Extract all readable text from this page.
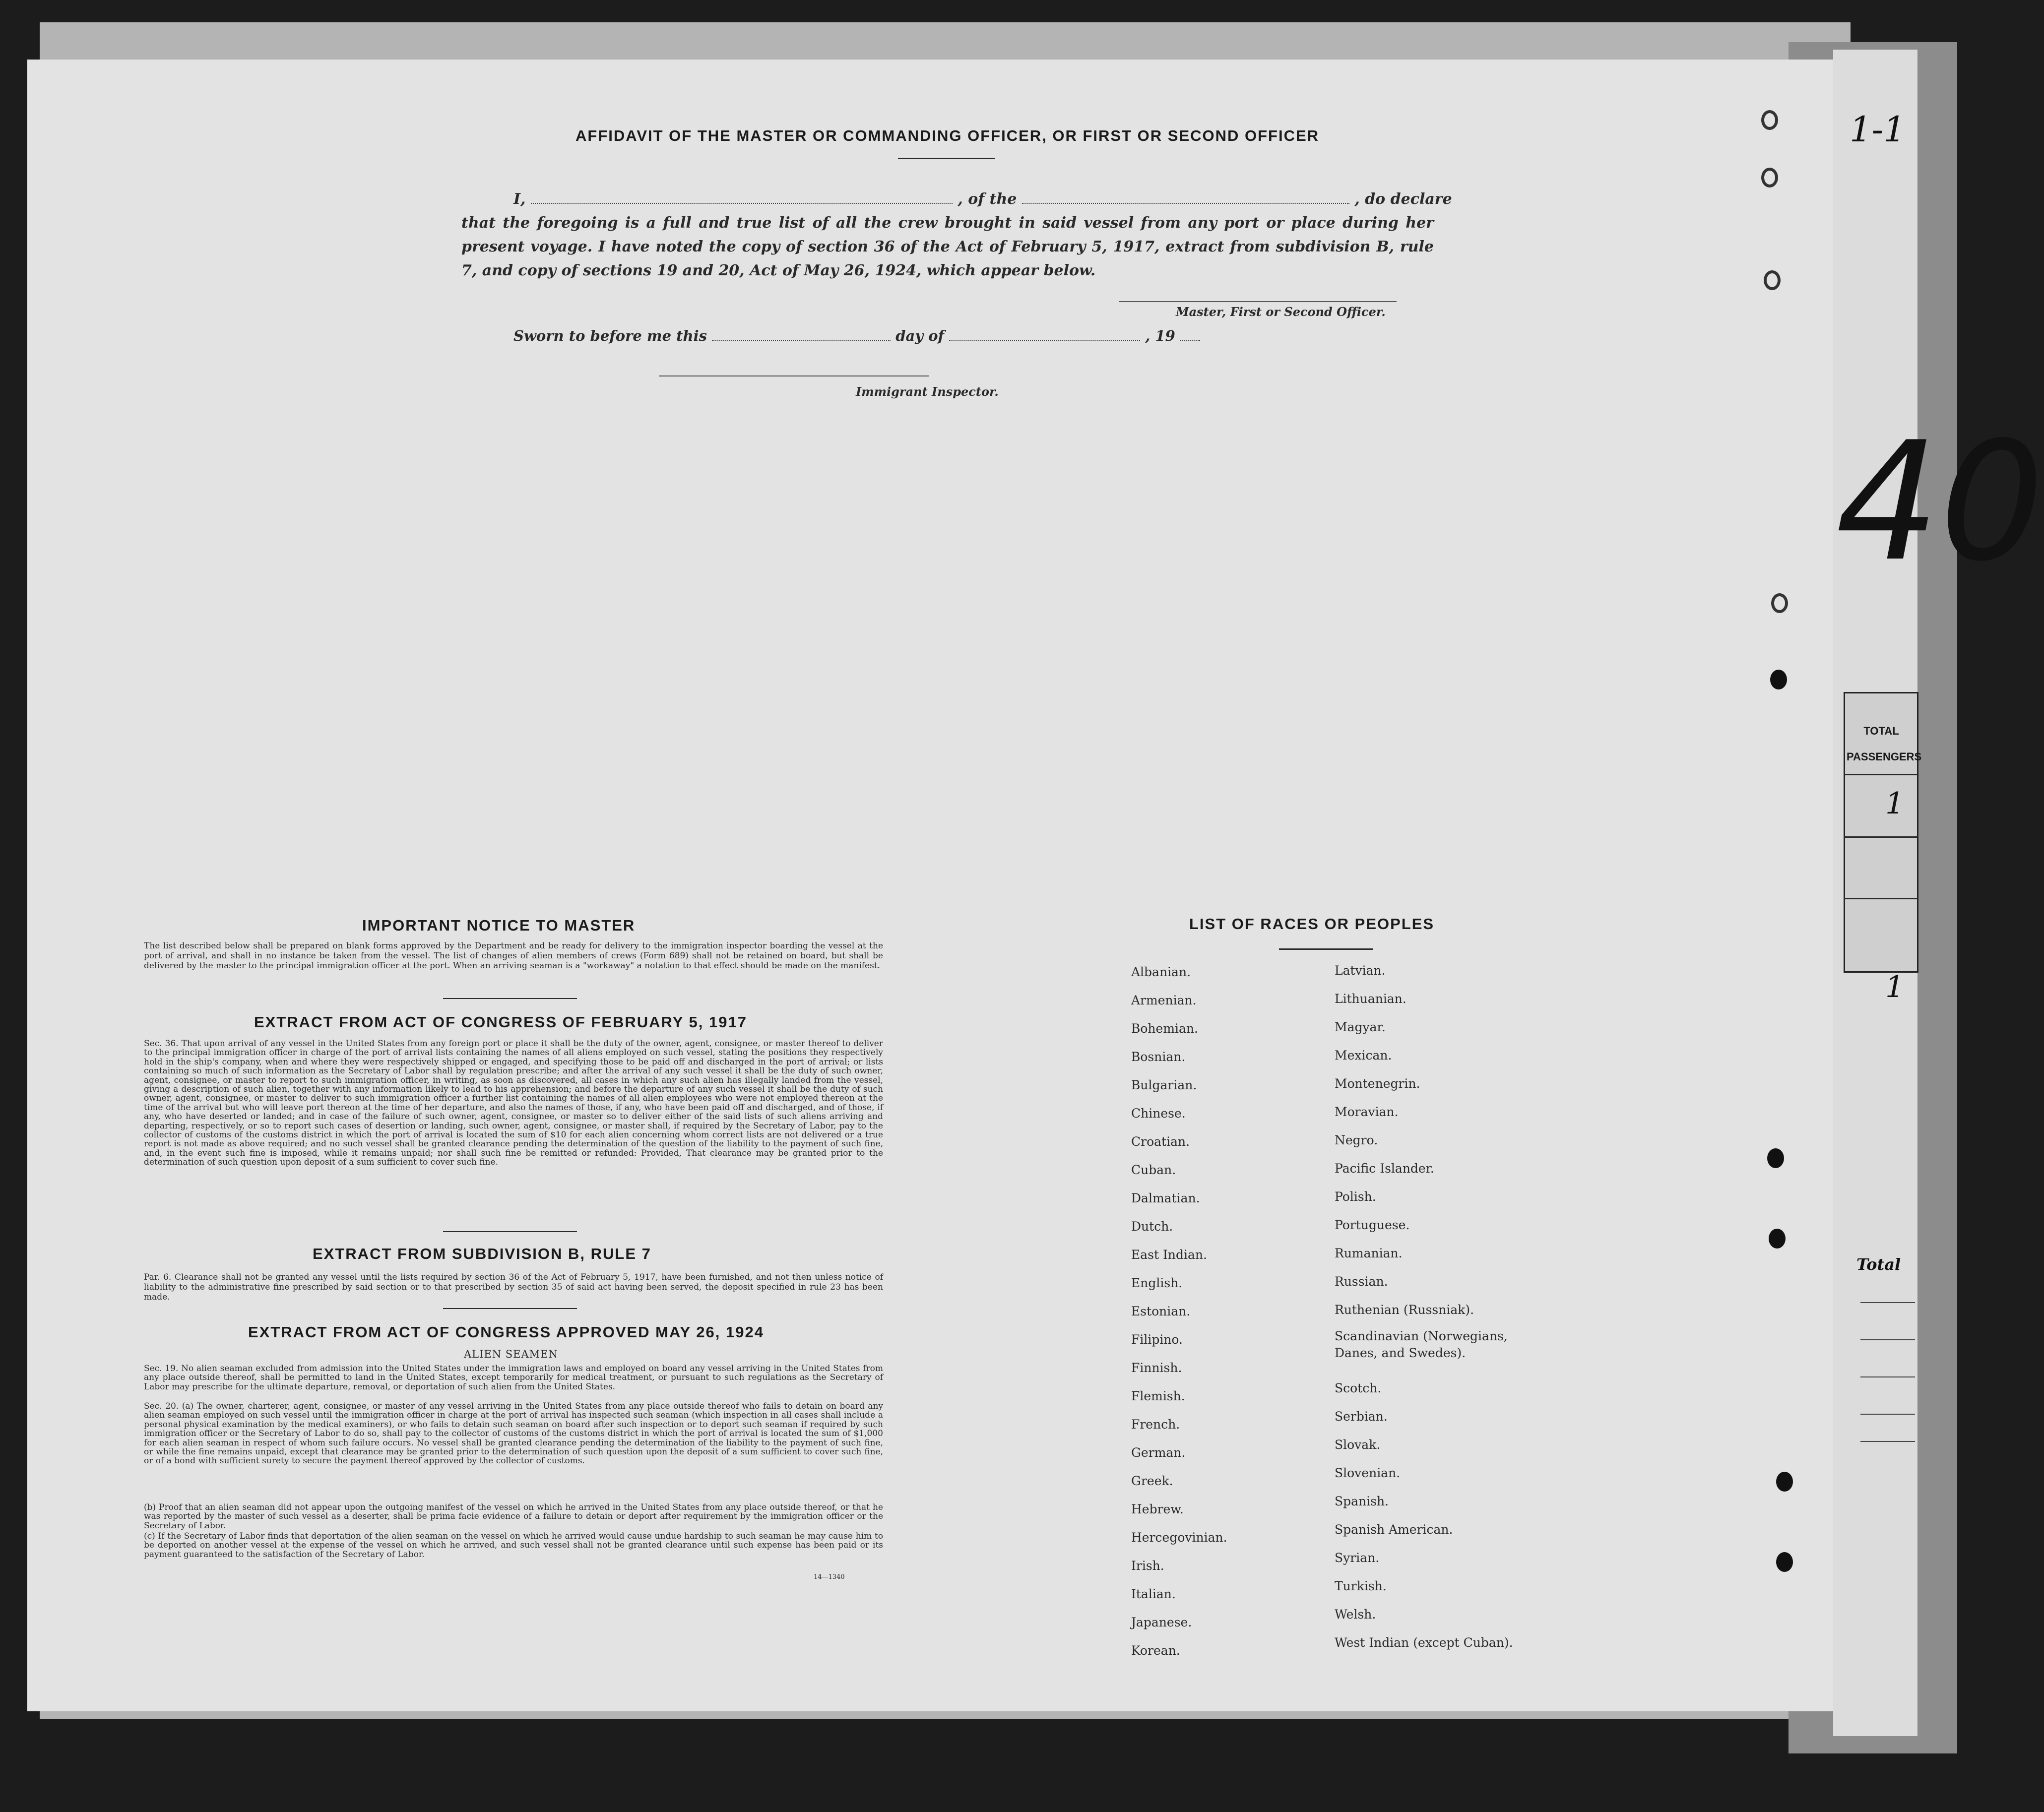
AFFIDAVIT OF THE MASTER OR COMMANDING OFFICER, OR FIRST OR SECOND OFFICER
I,	, of the	, do declare
that the foregoing is a full and true list of all the crew brought in said vessel from any port or place during her present voyage. I have noted the copy of section 36 of the Act of February 5, 1917, extract from subdivision B, rule 7, and copy of sections 19 and 20, Act of May 26, 1924, which appear below.
Master, First or Second Officer.
Sworn to before me this	day of	, 19
Immigrant Inspector.
IMPORTANT NOTICE TO MASTER
The list described below shall be prepared on blank forms approved by the Department and be ready for delivery to the immigration inspector boarding the vessel at the port of arrival, and shall in no instance be taken from the vessel. The list of changes of alien members of crews (Form 689) shall not be retained on board, but shall be delivered by the master to the principal immigration officer at the port. When an arriving seaman is a "workaway" a notation to that effect should be made on the manifest.
EXTRACT FROM ACT OF CONGRESS OF FEBRUARY 5, 1917
Sec. 36. That upon arrival of any vessel in the United States from any foreign port or place it shall be the duty of the owner, agent, consignee, or master thereof to deliver to the principal immigration officer in charge of the port of arrival lists containing the names of all aliens employed on such vessel, stating the positions they respectively hold in the ship's company, when and where they were respectively shipped or engaged, and specifying those to be paid off and discharged in the port of arrival; or lists containing so much of such information as the Secretary of Labor shall by regulation prescribe; and after the arrival of any such vessel it shall be the duty of such owner, agent, consignee, or master to report to such immigration officer, in writing, as soon as discovered, all cases in which any such alien has illegally landed from the vessel, giving a description of such alien, together with any information likely to lead to his apprehension; and before the departure of any such vessel it shall be the duty of such owner, agent, consignee, or master to deliver to such immigration officer a further list containing the names of all alien employees who were not employed thereon at the time of the arrival but who will leave port thereon at the time of her departure, and also the names of those, if any, who have been paid off and discharged, and of those, if any, who have deserted or landed; and in case of the failure of such owner, agent, consignee, or master so to deliver either of the said lists of such aliens arriving and departing, respectively, or so to report such cases of desertion or landing, such owner, agent, consignee, or master shall, if required by the Secretary of Labor, pay to the collector of customs of the customs district in which the port of arrival is located the sum of $10 for each alien concerning whom correct lists are not delivered or a true report is not made as above required; and no such vessel shall be granted clearance pending the determination of the question of the liability to the payment of such fine, and, in the event such fine is imposed, while it remains unpaid; nor shall such fine be remitted or refunded: Provided, That clearance may be granted prior to the determination of such question upon deposit of a sum sufficient to cover such fine.
EXTRACT FROM SUBDIVISION B, RULE 7
Par. 6. Clearance shall not be granted any vessel until the lists required by section 36 of the Act of February 5, 1917, have been furnished, and not then unless notice of liability to the administrative fine prescribed by said section or to that prescribed by section 35 of said act having been served, the deposit specified in rule 23 has been made.
EXTRACT FROM ACT OF CONGRESS APPROVED MAY 26, 1924
ALIEN SEAMEN
Sec. 19. No alien seaman excluded from admission into the United States under the immigration laws and employed on board any vessel arriving in the United States from any place outside thereof, shall be permitted to land in the United States, except temporarily for medical treatment, or pursuant to such regulations as the Secretary of Labor may prescribe for the ultimate departure, removal, or deportation of such alien from the United States.
Sec. 20. (a) The owner, charterer, agent, consignee, or master of any vessel arriving in the United States from any place outside thereof who fails to detain on board any alien seaman employed on such vessel until the immigration officer in charge at the port of arrival has inspected such seaman (which inspection in all cases shall include a personal physical examination by the medical examiners), or who fails to detain such seaman on board after such inspection or to deport such seaman if required by such immigration officer or the Secretary of Labor to do so, shall pay to the collector of customs of the customs district in which the port of arrival is located the sum of $1,000 for each alien seaman in respect of whom such failure occurs. No vessel shall be granted clearance pending the determination of the liability to the payment of such fine, or while the fine remains unpaid, except that clearance may be granted prior to the determination of such question upon the deposit of a sum sufficient to cover such fine, or of a bond with sufficient surety to secure the payment thereof approved by the collector of customs.
(b) Proof that an alien seaman did not appear upon the outgoing manifest of the vessel on which he arrived in the United States from any place outside thereof, or that he was reported by the master of such vessel as a deserter, shall be prima facie evidence of a failure to detain or deport after requirement by the immigration officer or the Secretary of Labor.
(c) If the Secretary of Labor finds that deportation of the alien seaman on the vessel on which he arrived would cause undue hardship to such seaman he may cause him to be deported on another vessel at the expense of the vessel on which he arrived, and such vessel shall not be granted clearance until such expense has been paid or its payment guaranteed to the satisfaction of the Secretary of Labor.
14—1340
LIST OF RACES OR PEOPLES
Albanian.
Armenian.
Bohemian.
Bosnian.
Bulgarian.
Chinese.
Croatian.
Cuban.
Dalmatian.
Dutch.
East Indian.
English.
Estonian.
Filipino.
Finnish.
Flemish.
French.
German.
Greek.
Hebrew.
Hercegovinian.
Irish.
Italian.
Japanese.
Korean.
Latvian.
Lithuanian.
Magyar.
Mexican.
Montenegrin.
Moravian.
Negro.
Pacific Islander.
Polish.
Portuguese.
Rumanian.
Russian.
Ruthenian (Russniak).
Scandinavian (Norwegians, Danes, and Swedes).
Scotch.
Serbian.
Slovak.
Slovenian.
Spanish.
Spanish American.
Syrian.
Turkish.
Welsh.
West Indian (except Cuban).
1-1
40
TOTAL
PASSENGERS
Total
1
1
